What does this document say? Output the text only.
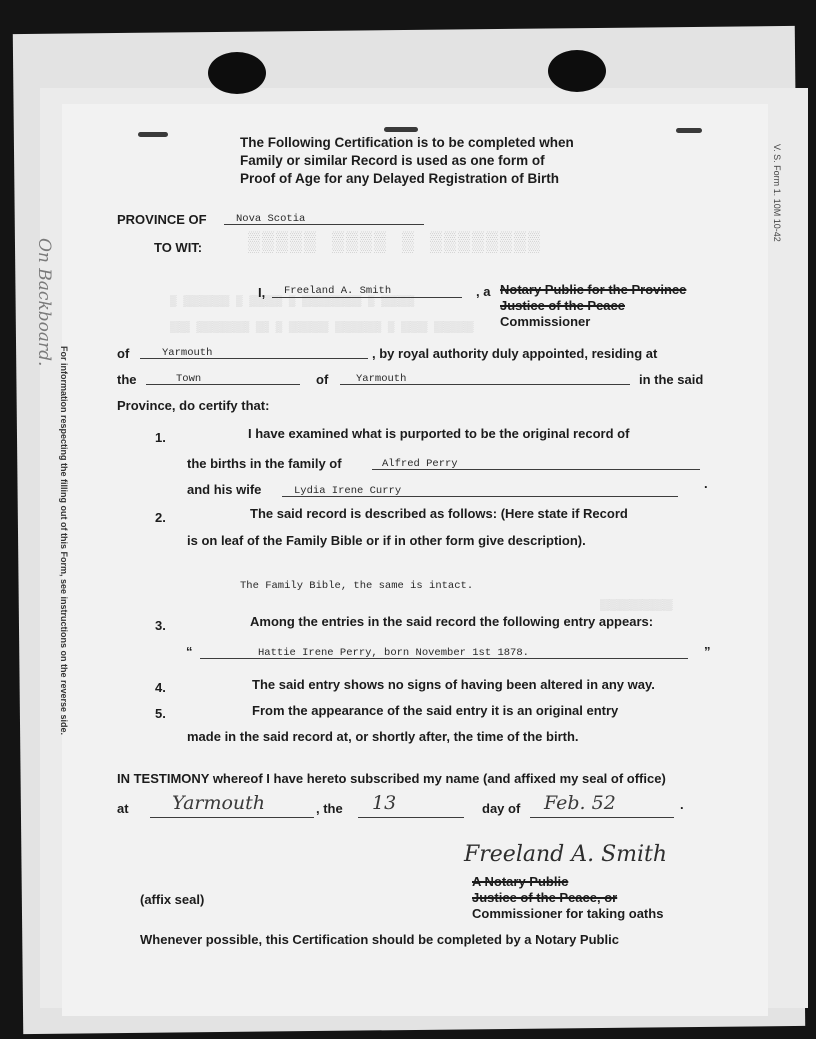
▒▒▒▒▒ ▒▒▒▒ ▒ ▒▒▒▒▒▒▒▒
▒ ▒▒▒▒▒▒▒ ▒ ▒▒▒▒▒ ▒ ▒▒▒▒▒▒▒▒▒ ▒ ▒▒▒▒▒
▒▒▒ ▒▒▒▒▒▒▒▒ ▒▒ ▒ ▒▒▒▒▒▒ ▒▒▒▒▒▒▒ ▒ ▒▒▒▒ ▒▒▒▒▒▒
▒▒▒▒▒▒▒▒▒▒▒
On Backboard.
For information respecting the filling out of this Form, see instructions on the reverse side.
V. S. Form 1. 10M 10-42
The Following Certification is to be completed when
Family or similar Record is used as one form of
Proof of Age for any Delayed Registration of Birth
PROVINCE OF	Nova Scotia
TO WIT:
I, Freeland A. Smith	, a Notary Public for the Province
Justice of the Peace
Commissioner
of	Yarmouth	, by royal authority duly appointed, residing at
the	Town	of	Yarmouth	in the said
Province, do certify that:
1.	I have examined what is purported to be the original record of
the births in the family of	Alfred Perry
and his wife	Lydia Irene Curry	.
2.	The said record is described as follows: (Here state if Record
is on leaf of the Family Bible or if in other form give description).
The Family Bible, the same is intact.
3.	Among the entries in the said record the following entry appears:
“	Hattie Irene Perry, born November 1st 1878.	”
4.	The said entry shows no signs of having been altered in any way.
5.	From the appearance of the said entry it is an original entry
made in the said record at, or shortly after, the time of the birth.
IN TESTIMONY whereof I have hereto subscribed my name (and affixed my seal of office)
at Yarmouth	, the 13	day of Feb. 52	.
Freeland A. Smith
A Notary Public
Justice of the Peace, or
Commissioner for taking oaths
(affix seal)
Whenever possible, this Certification should be completed by a Notary Public
